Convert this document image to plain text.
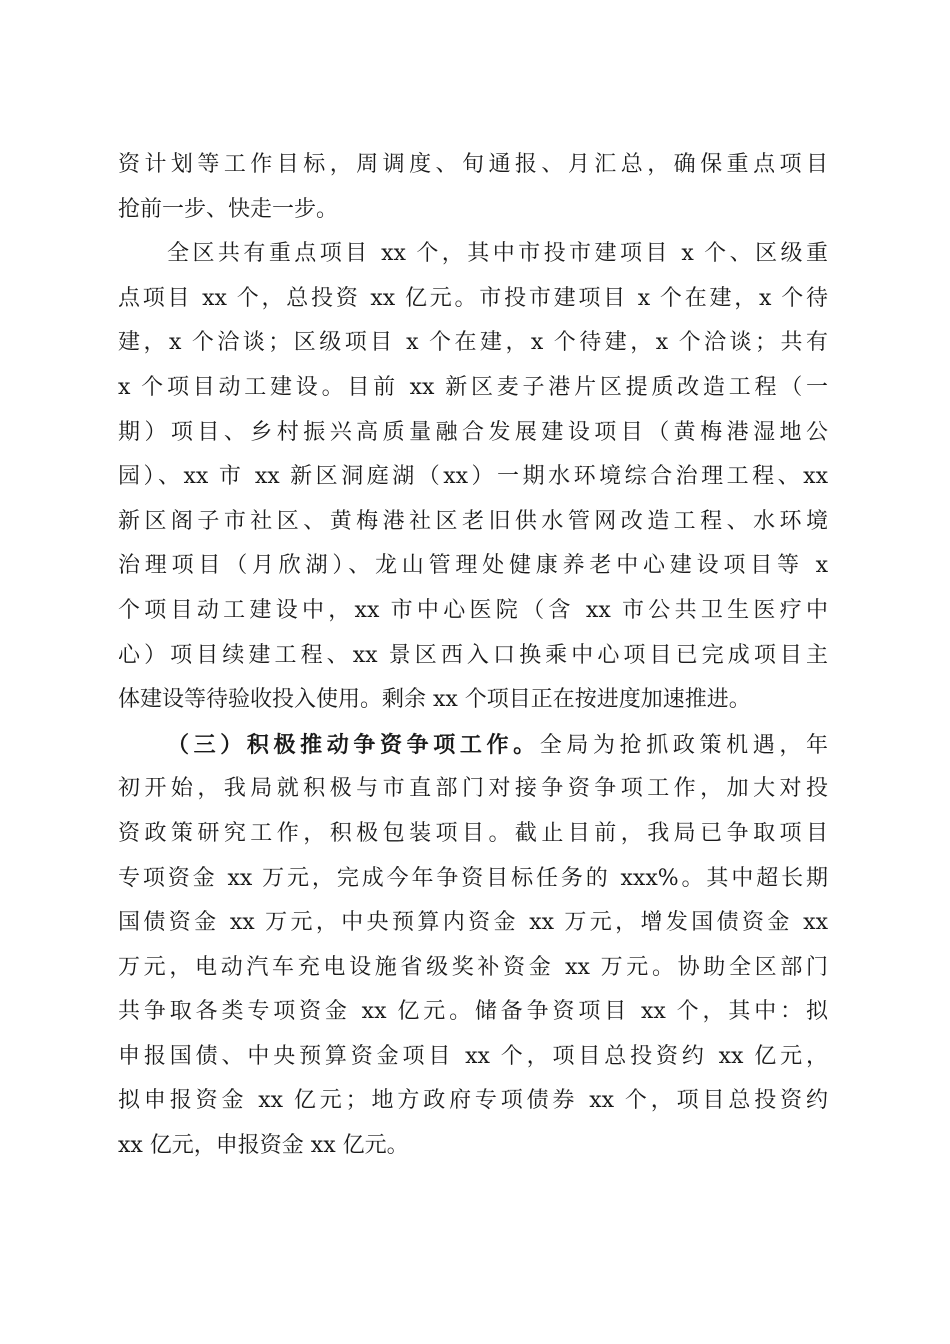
资计划等工作目标，周调度、旬通报、月汇总，确保重点项目
抢前一步、快走一步。
全区共有重点项目 xx 个，其中市投市建项目 x 个、区级重
点项目 xx 个，总投资 xx 亿元。市投市建项目 x 个在建，x 个待
建，x 个洽谈；区级项目 x 个在建，x 个待建，x 个洽谈；共有
x 个项目动工建设。目前 xx 新区麦子港片区提质改造工程（一
期）项目、乡村振兴高质量融合发展建设项目（黄梅港湿地公
园）、xx 市 xx 新区洞庭湖（xx）一期水环境综合治理工程、xx
新区阁子市社区、黄梅港社区老旧供水管网改造工程、水环境
治理项目（月欣湖）、龙山管理处健康养老中心建设项目等 x
个项目动工建设中，xx 市中心医院（含 xx 市公共卫生医疗中
心）项目续建工程、xx 景区西入口换乘中心项目已完成项目主
体建设等待验收投入使用。剩余 xx 个项目正在按进度加速推进。
（三）积极推动争资争项工作。全局为抢抓政策机遇，年
初开始，我局就积极与市直部门对接争资争项工作，加大对投
资政策研究工作，积极包装项目。截止目前，我局已争取项目
专项资金 xx 万元，完成今年争资目标任务的 xxx%。其中超长期
国债资金 xx 万元，中央预算内资金 xx 万元，增发国债资金 xx
万元，电动汽车充电设施省级奖补资金 xx 万元。协助全区部门
共争取各类专项资金 xx 亿元。储备争资项目 xx 个，其中：拟
申报国债、中央预算资金项目 xx 个，项目总投资约 xx 亿元，
拟申报资金 xx 亿元；地方政府专项债券 xx 个，项目总投资约
xx 亿元，申报资金 xx 亿元。
